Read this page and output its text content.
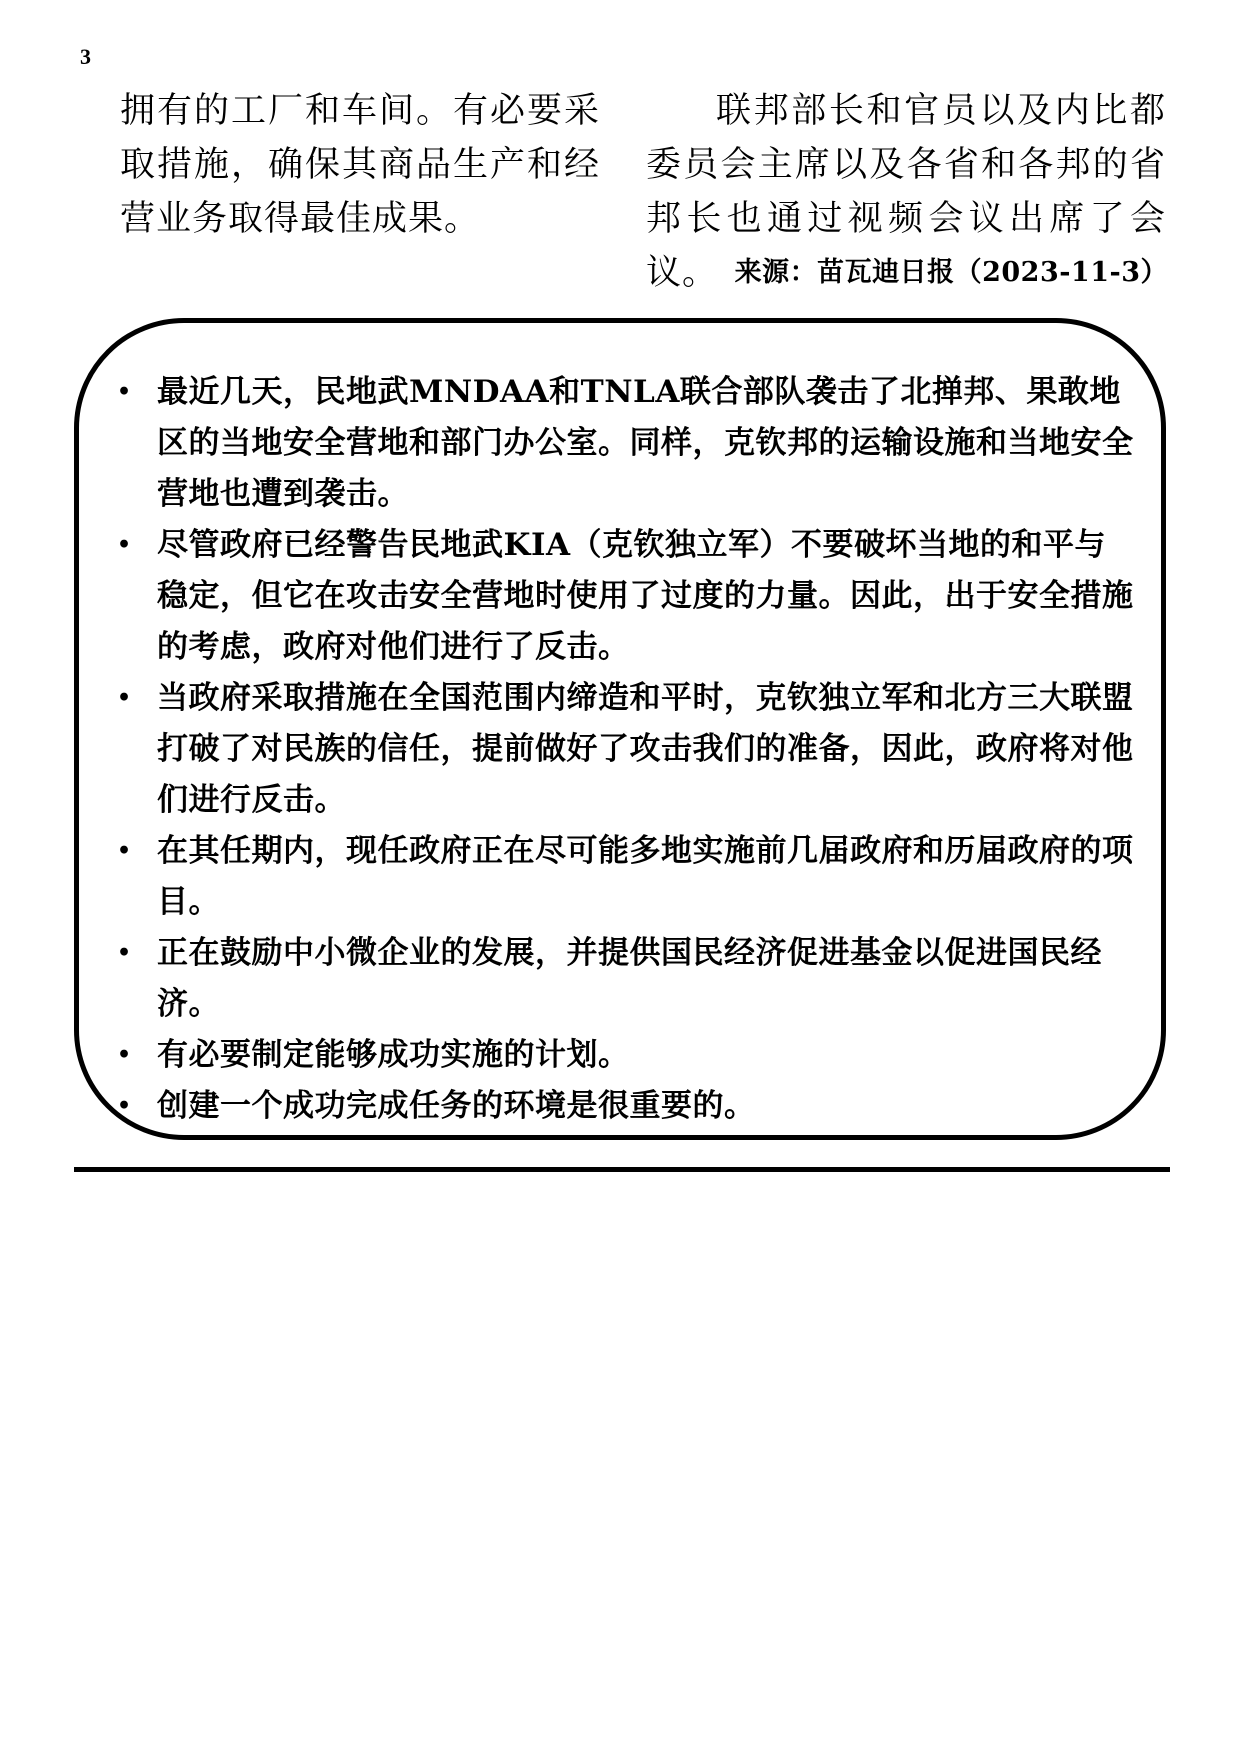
3
拥有的工厂和车间。有必要采取措施，确保其商品生产和经营业务取得最佳成果。
联邦部长和官员以及内比都委员会主席以及各省和各邦的省邦长也通过视频会议出席了会议。 来源：苗瓦迪日报（2023-11-3）
• 最近几天，民地武MNDAA和TNLA联合部队袭击了北掸邦、果敢地区的当地安全营地和部门办公室。同样，克钦邦的运输设施和当地安全营地也遭到袭击。
• 尽管政府已经警告民地武KIA（克钦独立军）不要破坏当地的和平与稳定，但它在攻击安全营地时使用了过度的力量。因此，出于安全措施的考虑，政府对他们进行了反击。
• 当政府采取措施在全国范围内缔造和平时，克钦独立军和北方三大联盟打破了对民族的信任，提前做好了攻击我们的准备，因此，政府将对他们进行反击。
• 在其任期内，现任政府正在尽可能多地实施前几届政府和历届政府的项目。
• 正在鼓励中小微企业的发展，并提供国民经济促进基金以促进国民经济。
• 有必要制定能够成功实施的计划。
• 创建一个成功完成任务的环境是很重要的。
